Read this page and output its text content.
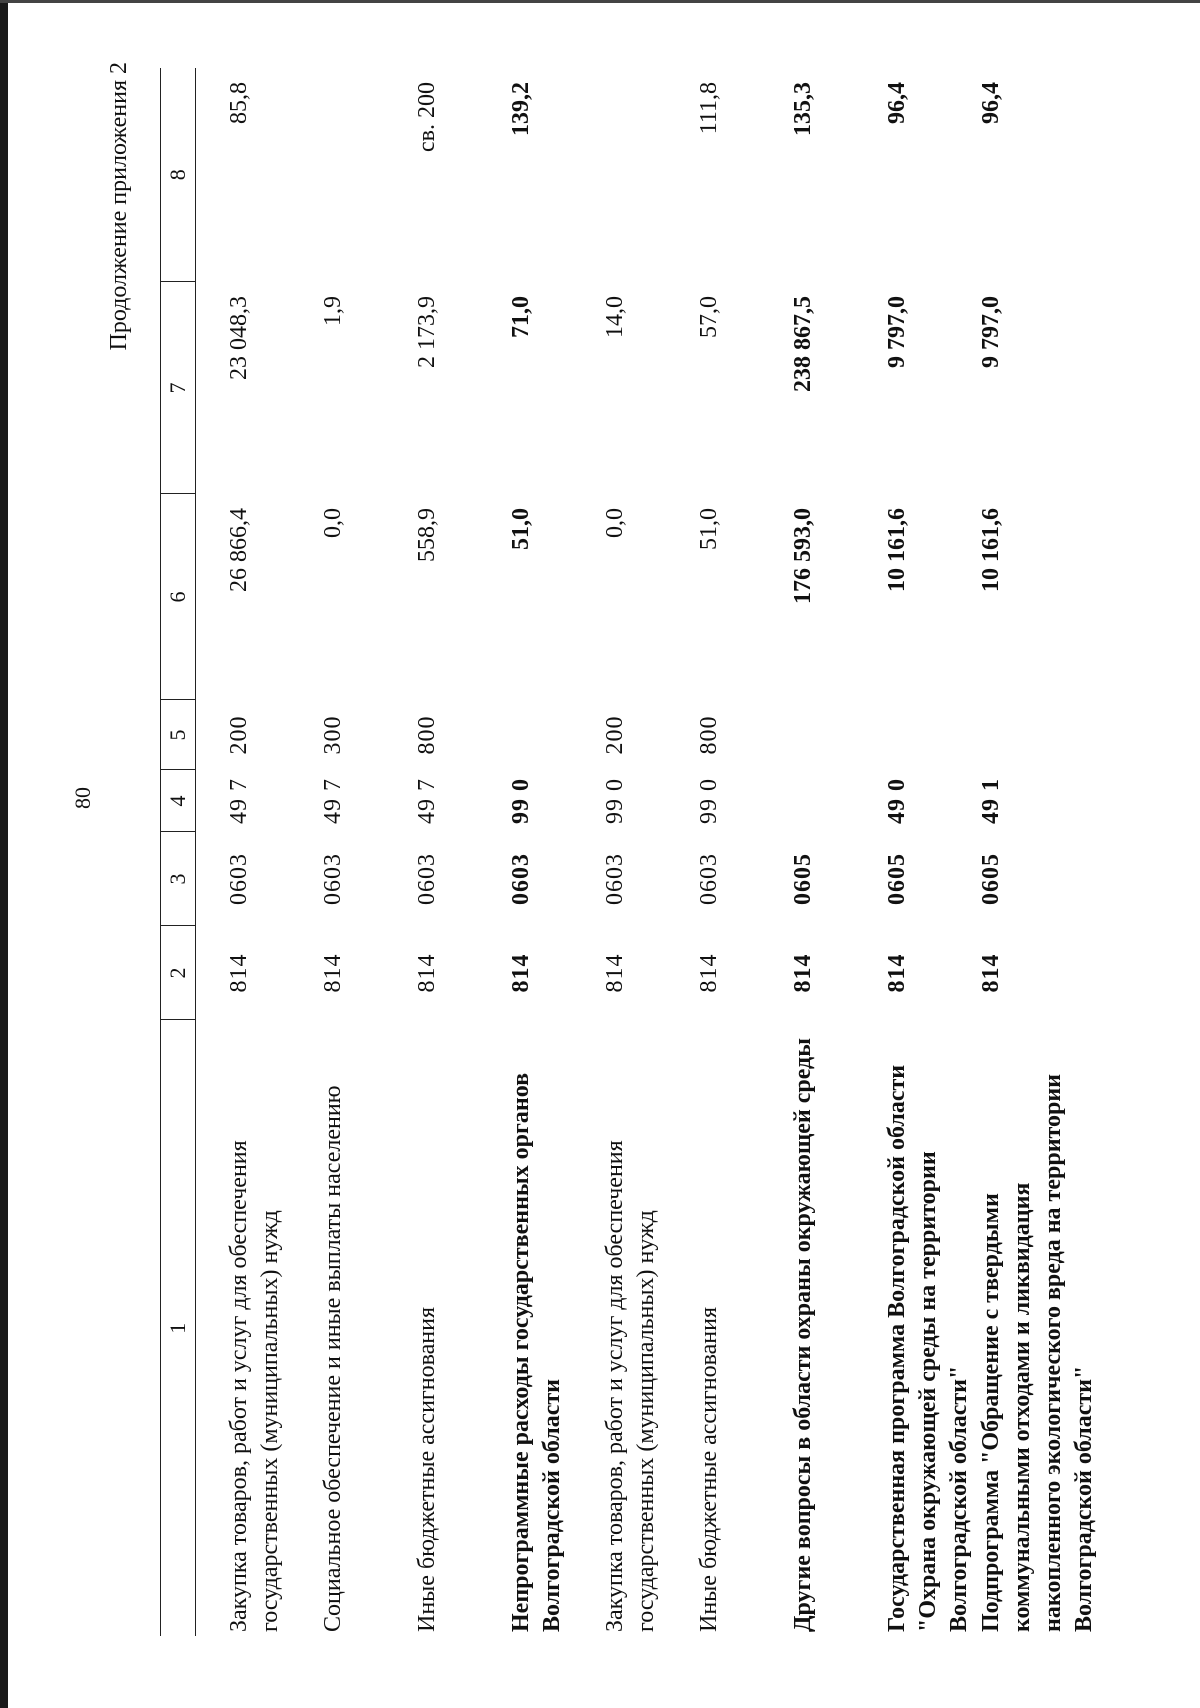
80
Продолжение приложения 2
1	2	3	4	5	6	7	8
Закупка товаров, работ и услуг для обеспечения государственных (муниципальных) нужд	814	0603	49 7	200	26 866,4	23 048,3	85,8
Социальное обеспечение и иные выплаты населению	814	0603	49 7	300	0,0	1,9	
Иные бюджетные ассигнования	814	0603	49 7	800	558,9	2 173,9	св. 200
Непрограммные расходы государственных органов Волгоградской области	814	0603	99 0		51,0	71,0	139,2
Закупка товаров, работ и услуг для обеспечения государственных (муниципальных) нужд	814	0603	99 0	200	0,0	14,0	
Иные бюджетные ассигнования	814	0603	99 0	800	51,0	57,0	111,8
Другие вопросы в области охраны окружающей среды	814	0605			176 593,0	238 867,5	135,3
Государственная программа Волгоградской области "Охрана окружающей среды на территории Волгоградской области"	814	0605	49 0		10 161,6	9 797,0	96,4
Подпрограмма "Обращение с твердыми коммунальными отходами и ликвидация накопленного экологического вреда на территории Волгоградской области"	814	0605	49 1		10 161,6	9 797,0	96,4
